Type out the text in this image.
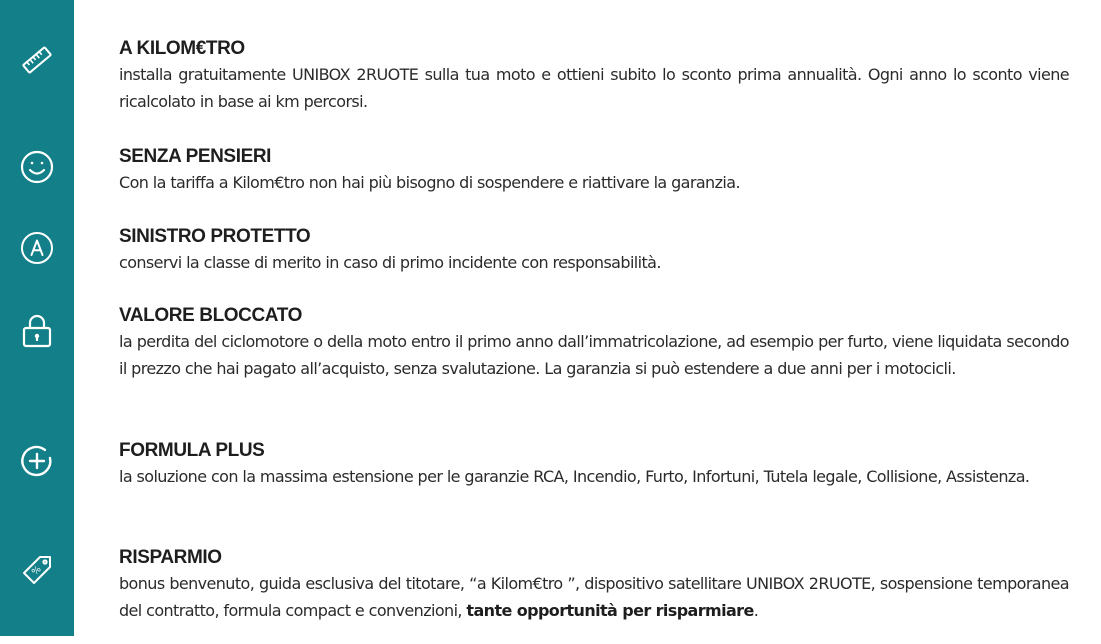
%

A KILOM€TRO

installa gratuitamente UNIBOX 2RUOTE sulla tua moto e ottieni subito lo sconto prima annualità. Ogni anno lo sconto viene ricalcolato in base ai km percorsi.

SENZA PENSIERI

Con la tariffa a Kilom€tro non hai più bisogno di sospendere e riattivare la garanzia.

SINISTRO PROTETTO

conservi la classe di merito in caso di primo incidente con responsabilità.

VALORE BLOCCATO

la perdita del ciclomotore o della moto entro il primo anno dall’immatricolazione, ad esempio per furto, viene liquidata secondo il prezzo che hai pagato all’acquisto, senza svalutazione. La garanzia si può estendere a due anni per i motocicli.

FORMULA PLUS

la soluzione con la massima estensione per le garanzie RCA, Incendio, Furto, Infortuni, Tutela legale, Collisione, Assistenza.

RISPARMIO

bonus benvenuto, guida esclusiva del titotare, “a Kilom€tro ”, dispositivo satellitare UNIBOX 2RUOTE, sospensione temporanea del contratto, formula compact e convenzioni, tante opportunità per risparmiare.
